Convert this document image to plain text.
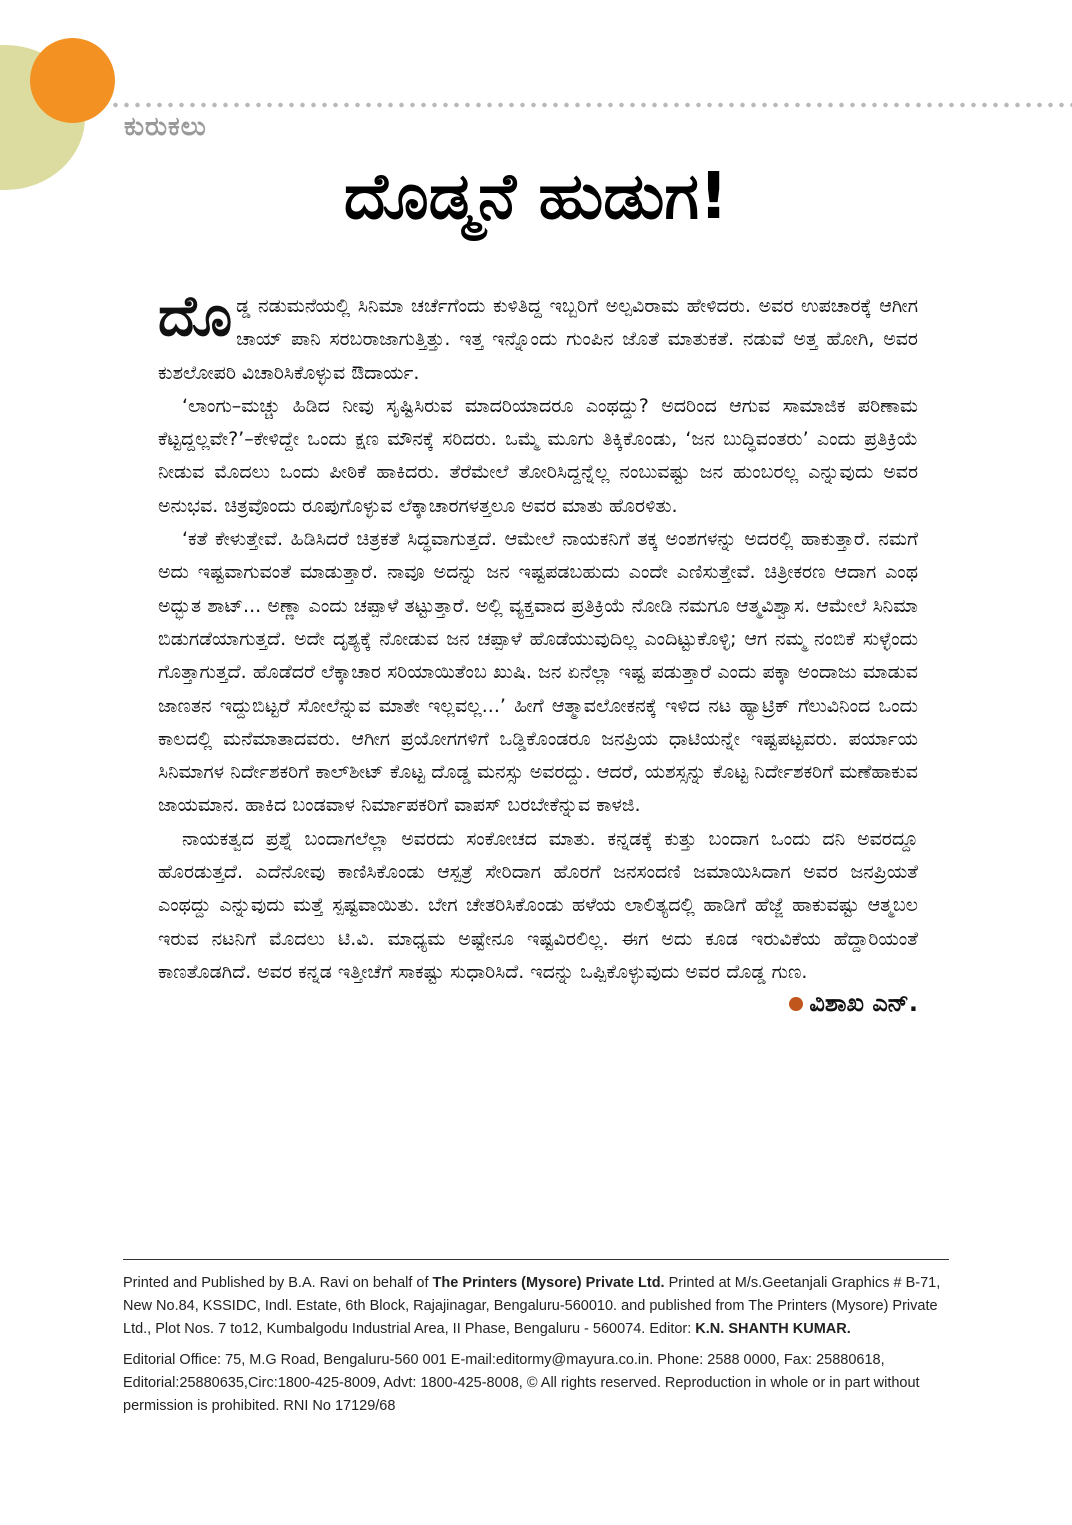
ಕುರುಕಲು
ದೊಡ್ಮನೆ ಹುಡುಗ!

ದೊಡ್ಡ ನಡುಮನೆಯಲ್ಲಿ ಸಿನಿಮಾ ಚರ್ಚೆಗೆಂದು ಕುಳಿತಿದ್ದ ಇಬ್ಬರಿಗೆ ಅಲ್ಪವಿರಾಮ ಹೇಳಿದರು. ಅವರ ಉಪಚಾರಕ್ಕೆ ಆಗೀಗ ಚಾಯ್ ಪಾನಿ ಸರಬರಾಜಾಗುತ್ತಿತ್ತು. ಇತ್ತ ಇನ್ನೊಂದು ಗುಂಪಿನ ಜೊತೆ ಮಾತುಕತೆ. ನಡುವೆ ಅತ್ತ ಹೋಗಿ, ಅವರ ಕುಶಲೋಪರಿ ವಿಚಾರಿಸಿಕೊಳ್ಳುವ ಔದಾರ್ಯ.

‘ಲಾಂಗು–ಮಚ್ಚು ಹಿಡಿದ ನೀವು ಸೃಷ್ಟಿಸಿರುವ ಮಾದರಿಯಾದರೂ ಎಂಥದ್ದು? ಅದರಿಂದ ಆಗುವ ಸಾಮಾಜಿಕ ಪರಿಣಾಮ ಕೆಟ್ಟದ್ದಲ್ಲವೇ?’–ಕೇಳಿದ್ದೇ ಒಂದು ಕ್ಷಣ ಮೌನಕ್ಕೆ ಸರಿದರು. ಒಮ್ಮೆ ಮೂಗು ತಿಕ್ಕಿಕೊಂಡು, ‘ಜನ ಬುದ್ಧಿವಂತರು’ ಎಂದು ಪ್ರತಿಕ್ರಿಯೆ ನೀಡುವ ಮೊದಲು ಒಂದು ಪೀಠಿಕೆ ಹಾಕಿದರು. ತೆರೆಮೇಲೆ ತೋರಿಸಿದ್ದನ್ನೆಲ್ಲ ನಂಬುವಷ್ಟು ಜನ ಹುಂಬರಲ್ಲ ಎನ್ನುವುದು ಅವರ ಅನುಭವ. ಚಿತ್ರವೊಂದು ರೂಪುಗೊಳ್ಳುವ ಲೆಕ್ಕಾಚಾರಗಳತ್ತಲೂ ಅವರ ಮಾತು ಹೊರಳಿತು.

‘ಕತೆ ಕೇಳುತ್ತೇವೆ. ಹಿಡಿಸಿದರೆ ಚಿತ್ರಕತೆ ಸಿದ್ಧವಾಗುತ್ತದೆ. ಆಮೇಲೆ ನಾಯಕನಿಗೆ ತಕ್ಕ ಅಂಶಗಳನ್ನು ಅದರಲ್ಲಿ ಹಾಕುತ್ತಾರೆ. ನಮಗೆ ಅದು ಇಷ್ಟವಾಗುವಂತೆ ಮಾಡುತ್ತಾರೆ. ನಾವೂ ಅದನ್ನು ಜನ ಇಷ್ಟಪಡಬಹುದು ಎಂದೇ ಎಣಿಸುತ್ತೇವೆ. ಚಿತ್ರೀಕರಣ ಆದಾಗ ಎಂಥ ಅದ್ಭುತ ಶಾಟ್... ಅಣ್ಣಾ ಎಂದು ಚಪ್ಪಾಳೆ ತಟ್ಟುತ್ತಾರೆ. ಅಲ್ಲಿ ವ್ಯಕ್ತವಾದ ಪ್ರತಿಕ್ರಿಯೆ ನೋಡಿ ನಮಗೂ ಆತ್ಮವಿಶ್ವಾಸ. ಆಮೇಲೆ ಸಿನಿಮಾ ಬಿಡುಗಡೆಯಾಗುತ್ತದೆ. ಅದೇ ದೃಶ್ಯಕ್ಕೆ ನೋಡುವ ಜನ ಚಪ್ಪಾಳೆ ಹೊಡೆಯುವುದಿಲ್ಲ ಎಂದಿಟ್ಟುಕೊಳ್ಳಿ; ಆಗ ನಮ್ಮ ನಂಬಿಕೆ ಸುಳ್ಳೆಂದು ಗೊತ್ತಾಗುತ್ತದೆ. ಹೊಡೆದರೆ ಲೆಕ್ಕಾಚಾರ ಸರಿಯಾಯಿತೆಂಬ ಖುಷಿ. ಜನ ಏನೆಲ್ಲಾ ಇಷ್ಟ ಪಡುತ್ತಾರೆ ಎಂದು ಪಕ್ಕಾ ಅಂದಾಜು ಮಾಡುವ ಜಾಣತನ ಇದ್ದುಬಿಟ್ಟರೆ ಸೋಲೆನ್ನುವ ಮಾತೇ ಇಲ್ಲವಲ್ಲ...’ ಹೀಗೆ ಆತ್ಮಾವಲೋಕನಕ್ಕೆ ಇಳಿದ ನಟ ಹ್ಯಾಟ್ರಿಕ್ ಗೆಲುವಿನಿಂದ ಒಂದು ಕಾಲದಲ್ಲಿ ಮನೆಮಾತಾದವರು. ಆಗೀಗ ಪ್ರಯೋಗಗಳಿಗೆ ಒಡ್ಡಿಕೊಂಡರೂ ಜನಪ್ರಿಯ ಧಾಟಿಯನ್ನೇ ಇಷ್ಟಪಟ್ಟವರು. ಪರ್ಯಾಯ ಸಿನಿಮಾಗಳ ನಿರ್ದೇಶಕರಿಗೆ ಕಾಲ್‌ಶೀಟ್ ಕೊಟ್ಟ ದೊಡ್ಡ ಮನಸ್ಸು ಅವರದ್ದು. ಆದರೆ, ಯಶಸ್ಸನ್ನು ಕೊಟ್ಟ ನಿರ್ದೇಶಕರಿಗೆ ಮಣೆಹಾಕುವ ಜಾಯಮಾನ. ಹಾಕಿದ ಬಂಡವಾಳ ನಿರ್ಮಾಪಕರಿಗೆ ವಾಪಸ್ ಬರಬೇಕೆನ್ನುವ ಕಾಳಜಿ.

ನಾಯಕತ್ವದ ಪ್ರಶ್ನೆ ಬಂದಾಗಲೆಲ್ಲಾ ಅವರದು ಸಂಕೋಚದ ಮಾತು. ಕನ್ನಡಕ್ಕೆ ಕುತ್ತು ಬಂದಾಗ ಒಂದು ದನಿ ಅವರದ್ದೂ ಹೊರಡುತ್ತದೆ. ಎದೆನೋವು ಕಾಣಿಸಿಕೊಂಡು ಆಸ್ಪತ್ರೆ ಸೇರಿದಾಗ ಹೊರಗೆ ಜನಸಂದಣಿ ಜಮಾಯಿಸಿದಾಗ ಅವರ ಜನಪ್ರಿಯತೆ ಎಂಥದ್ದು ಎನ್ನುವುದು ಮತ್ತೆ ಸ್ಪಷ್ಟವಾಯಿತು. ಬೇಗ ಚೇತರಿಸಿಕೊಂಡು ಹಳೆಯ ಲಾಲಿತ್ಯದಲ್ಲಿ ಹಾಡಿಗೆ ಹೆಜ್ಜೆ ಹಾಕುವಷ್ಟು ಆತ್ಮಬಲ ಇರುವ ನಟನಿಗೆ ಮೊದಲು ಟಿ.ವಿ. ಮಾಧ್ಯಮ ಅಷ್ಟೇನೂ ಇಷ್ಟವಿರಲಿಲ್ಲ. ಈಗ ಅದು ಕೂಡ ಇರುವಿಕೆಯ ಹೆದ್ದಾರಿಯಂತೆ ಕಾಣತೊಡಗಿದೆ. ಅವರ ಕನ್ನಡ ಇತ್ತೀಚೆಗೆ ಸಾಕಷ್ಟು ಸುಧಾರಿಸಿದೆ. ಇದನ್ನು ಒಪ್ಪಿಕೊಳ್ಳುವುದು ಅವರ ದೊಡ್ಡ ಗುಣ.

ವಿಶಾಖ ಎನ್.

Printed and Published by B.A. Ravi on behalf of The Printers (Mysore) Private Ltd. Printed at M/s.Geetanjali Graphics # B-71, New No.84, KSSIDC, Indl. Estate, 6th Block, Rajajinagar, Bengaluru-560010. and published from The Printers (Mysore) Private Ltd., Plot Nos. 7 to12, Kumbalgodu Industrial Area, II Phase, Bengaluru - 560074. Editor: K.N. SHANTH KUMAR.

Editorial Office: 75, M.G Road, Bengaluru-560 001 E-mail:editormy@mayura.co.in. Phone: 2588 0000, Fax: 25880618, Editorial:25880635,Circ:1800-425-8009, Advt: 1800-425-8008, © All rights reserved. Reproduction in whole or in part without permission is prohibited. RNI No 17129/68
